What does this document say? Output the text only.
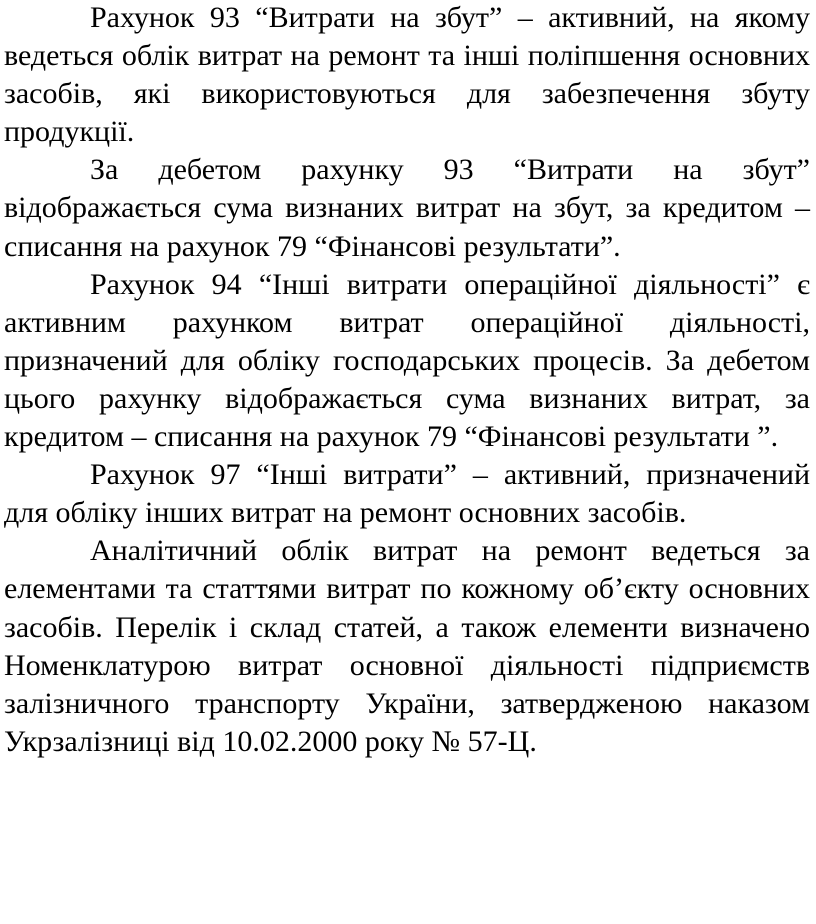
Рахунок 93 “Витрати на збут” – активний, на якому ведеться облік витрат на ремонт та інші поліпшення основних засобів, які використовуються для забезпечення збуту продукції.

За дебетом рахунку 93 “Витрати на збут” відображається сума визнаних витрат на збут, за кредитом – списання на рахунок 79 “Фінансові результати”.

Рахунок 94 “Інші витрати операційної діяльності” є активним рахунком витрат операційної діяльності, призначений для обліку господарських процесів. За дебетом цього рахунку відображається сума визнаних витрат, за кредитом – списання на рахунок 79 “Фінансові результати ”.

Рахунок 97 “Інші витрати” – активний, призначений для обліку інших витрат на ремонт основних засобів.

Аналітичний облік витрат на ремонт ведеться за елементами та статтями витрат по кожному об’єкту основних засобів. Перелік і склад статей, а також елементи визначено Номенклатурою витрат основної діяльності підприємств залізничного транспорту України, затвердженою наказом Укрзалізниці від 10.02.2000 року № 57-Ц.
